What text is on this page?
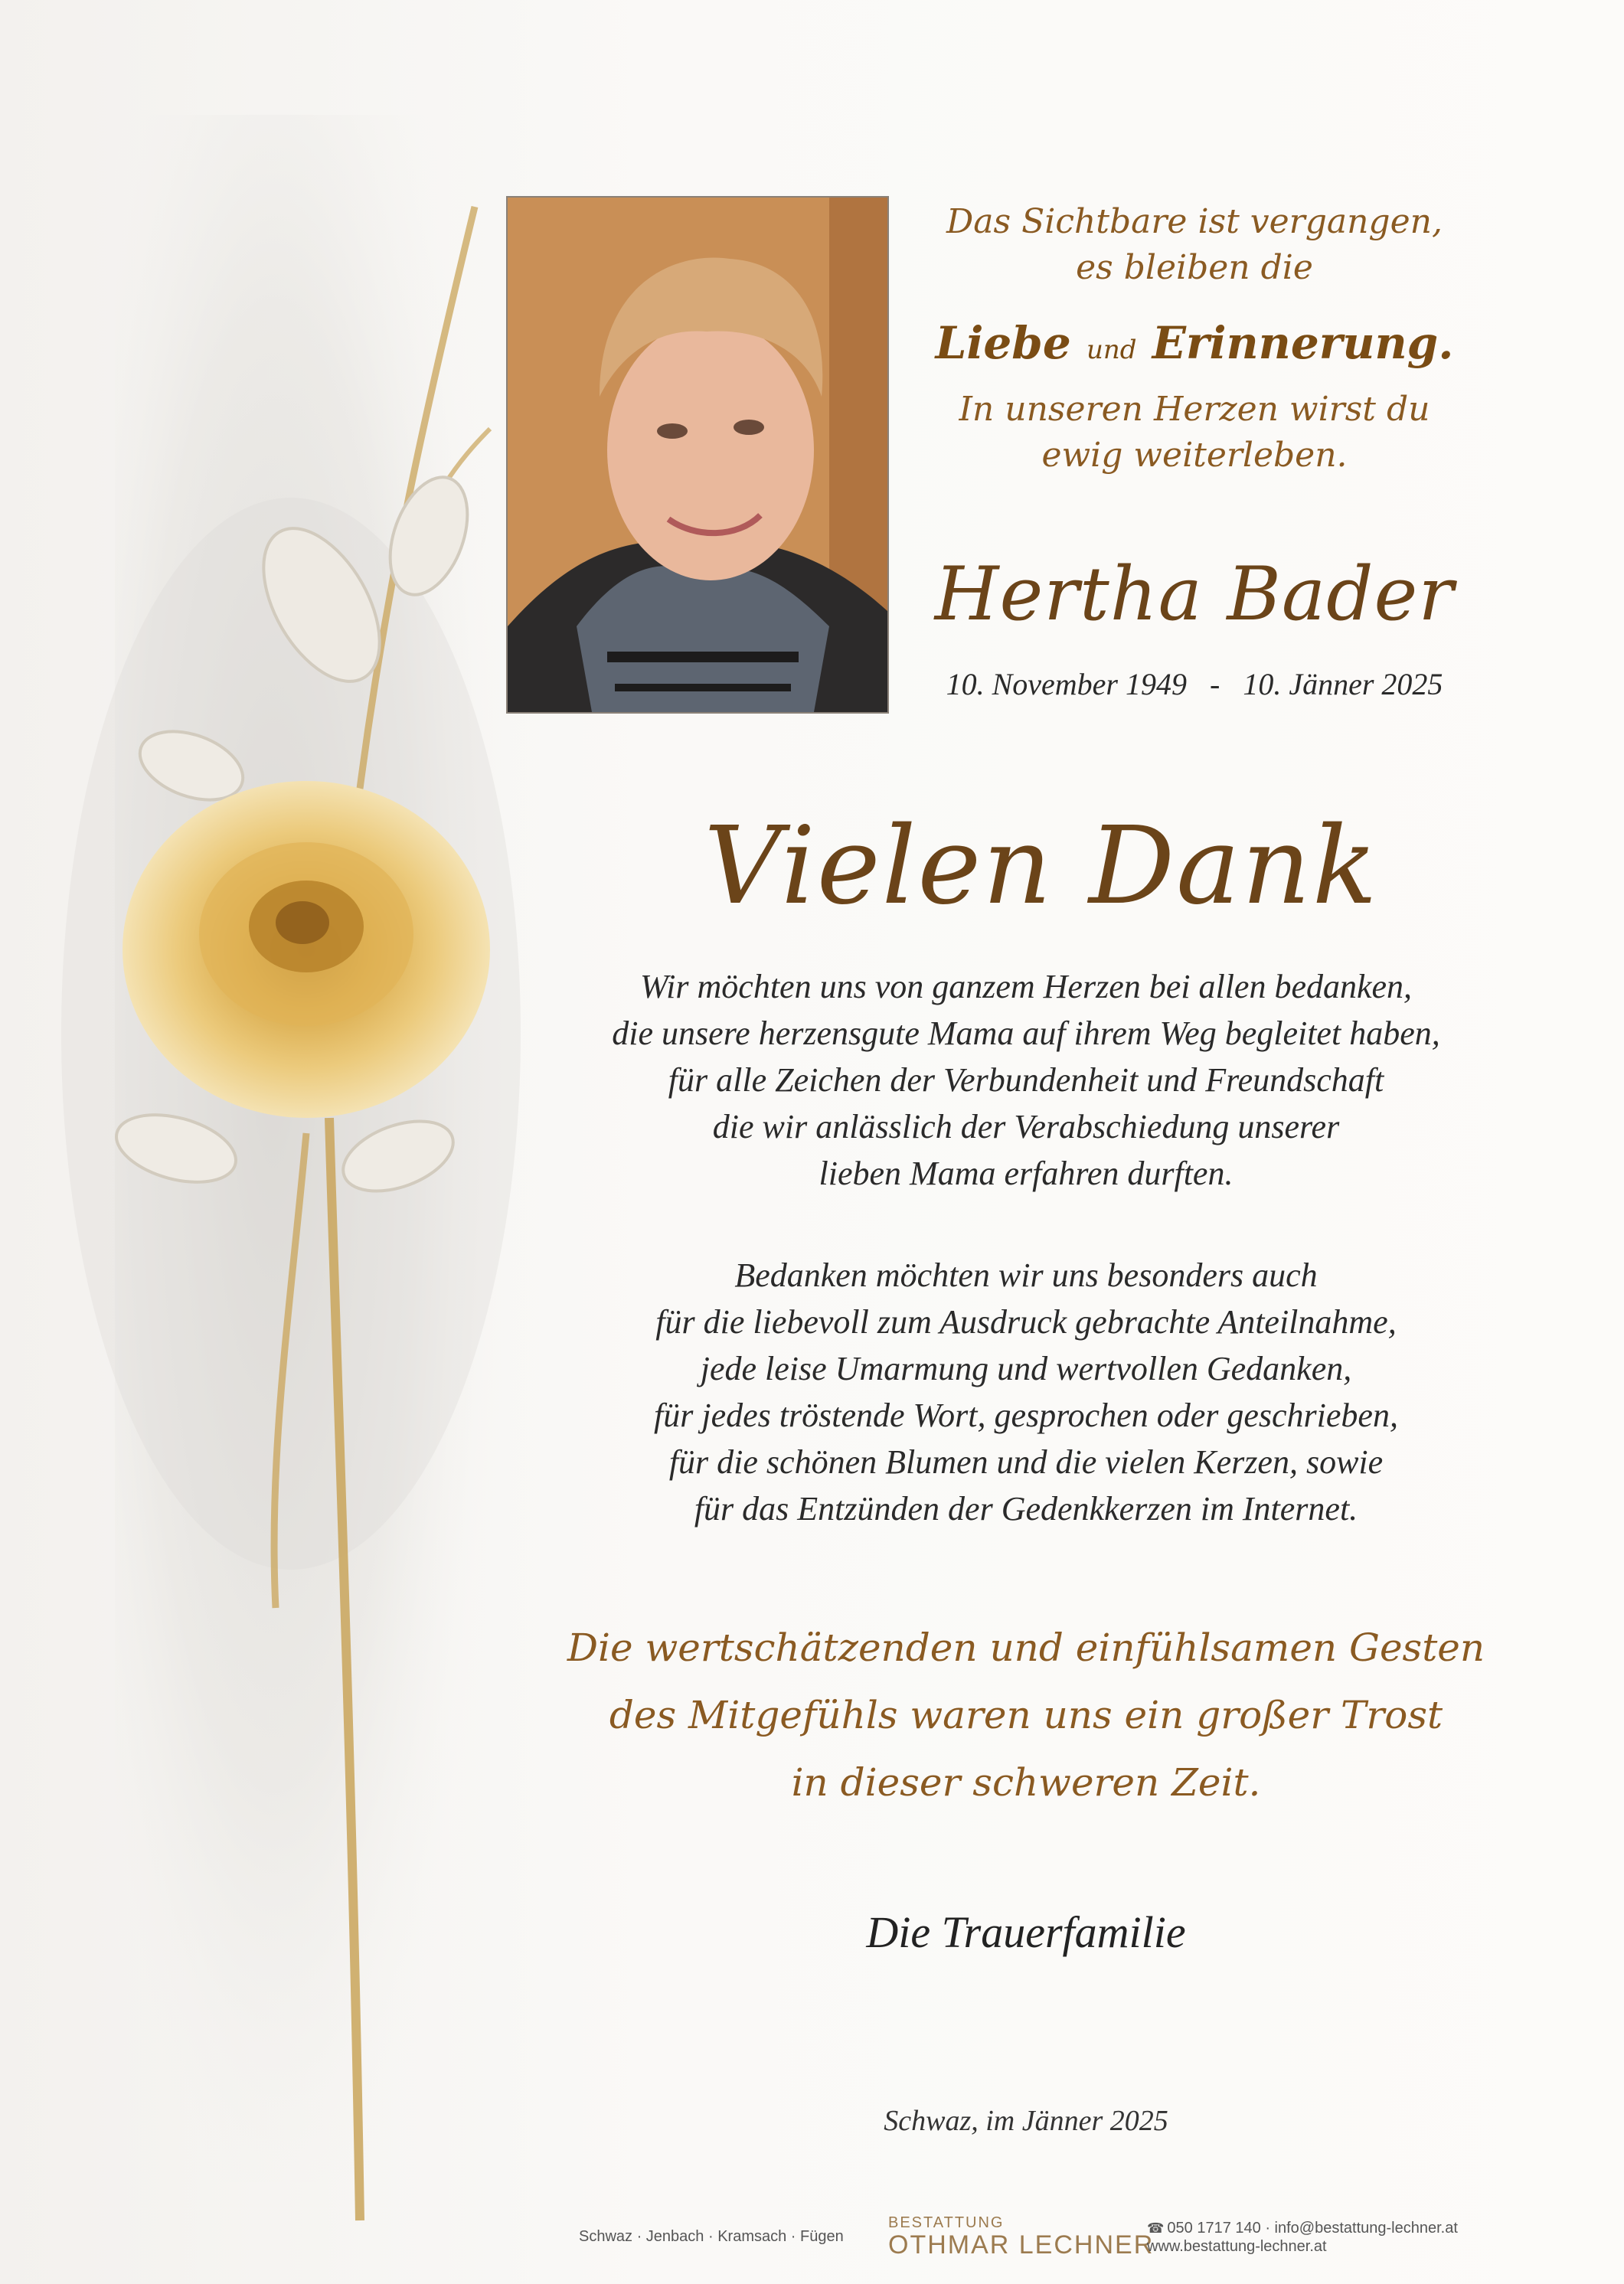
Das Sichtbare ist vergangen,
es bleiben die
Liebe und Erinnerung.
In unseren Herzen wirst du
ewig weiterleben.
Hertha Bader
10. November 1949 - 10. Jänner 2025
Vielen Dank
Wir möchten uns von ganzem Herzen bei allen bedanken,
die unsere herzensgute Mama auf ihrem Weg begleitet haben,
für alle Zeichen der Verbundenheit und Freundschaft
die wir anlässlich der Verabschiedung unserer
lieben Mama erfahren durften.
Bedanken möchten wir uns besonders auch
für die liebevoll zum Ausdruck gebrachte Anteilnahme,
jede leise Umarmung und wertvollen Gedanken,
für jedes tröstende Wort, gesprochen oder geschrieben,
für die schönen Blumen und die vielen Kerzen, sowie
für das Entzünden der Gedenkkerzen im Internet.
Die wertschätzenden und einfühlsamen Gesten
des Mitgefühls waren uns ein großer Trost
in dieser schweren Zeit.
Die Trauerfamilie
Schwaz, im Jänner 2025
Schwaz · Jenbach · Kramsach · Fügen
BESTATTUNG
OTHMAR LECHNER
☎ 050 1717 140 · info@bestattung-lechner.at
www.bestattung-lechner.at
